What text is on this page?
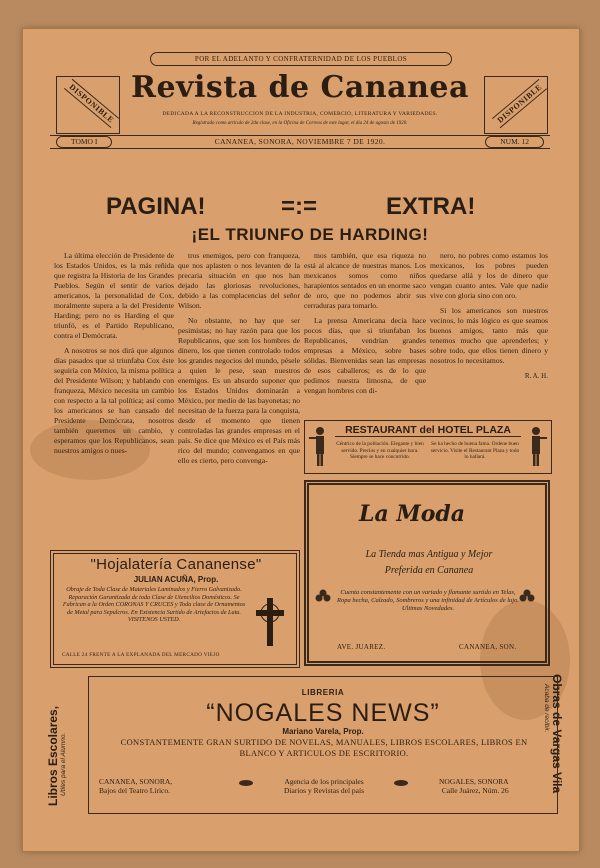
POR EL ADELANTO Y CONFRATERNIDAD DE LOS PUEBLOS
DISPONIBLE	DISPONIBLE
Revista de Cananea
DEDICADA A LA RECONSTRUCCION DE LA INDUSTRIA, COMERCIO, LITERATURA Y VARIEDADES.
Registrado como artículo de 2da clase, en la Oficina de Correos de este lugar, el día 24 de agosto de 1920.
TOMO I	CANANEA, SONORA, NOVIEMBRE 7 DE 1920.	NUM. 12
PAGINA!	=:=	EXTRA!
¡EL TRIUNFO DE HARDING!

La última elección de Presidente de los Estados Unidos, es la más reñida que registra la Historia de los Grandes Pueblos. Según el sentir de varios americanos, la personalidad de Cox, moralmente supera a la del Presidente Harding; pero no es Harding el que triunfó, es el Partido Republicano, contra el Demócrata.

A nosotros se nos dirá que algunos días pasados que si triunfaba Cox éste seguiría con México, la misma política del Presidente Wilson; y hablando con franqueza, México necesita un cambio con respecto a la tal política; así como los americanos se han cansado del Presidente Demócrata, nosotros también queremos un cambio, y esperamos que los Republicanos, sean nuestros amigos o nues-

tros enemigos, pero con franqueza, que nos aplasten o nos levanten de la precaria situación en que nos han dejado las gloriosas revoluciones, debido a las complacencias del señor Wilson.

No obstante, no hay que ser pesimistas; no hay razón para que los Republicanos, que son los hombres de dinero, los que tienen controlado todos los grandes negocios del mundo, pésele a quien le pese, sean nuestros enemigos. Es un absurdo suponer que los Estados Unidos dominarán a México, por medio de las bayonetas; no necesitan de la fuerza para la conquista, desde el momento que tienen controladas las grandes empresas en el país. Se dice que México es el País más rico del mundo; convengamos en que ello es cierto, pero convenga-

mos también, que esa riqueza no está al alcance de nuestras manos. Los mexicanos somos como niños harapientos sentados en un enorme saco de oro, que no podemos abrir sus cerraduras para tomarlo.

La prensa Americana decía hace pocos días, que si triunfaban los Republicanos, vendrían grandes empresas a México, sobre bases sólidas. Bienvenidas sean las empresas de esos caballeros; es de lo que pedimos nuestra limosna, de que vengan hombres con di-

nero, no pobres como estamos los mexicanos, los pobres pueden quedarse allá y los de dinero que vengan cuanto antes. Vale que nadie vive con gloria sino con oro.

Si los americanos son nuestros vecinos, lo más lógico es que seamos buenos amigos, tanto más que tenemos mucho que aprenderles; y sobre todo, que ellos tienen dinero y nosotros lo necesitamos.

R. A. H.
RESTAURANT del HOTEL PLAZA
Céntrico de la población. Elegante y bien servido. Precios y en cualquier hora. Siempre se hace concurrido.
Se ha hecho de buena fama. Ordene buen servicio. Visite el Restaurant Plaza y todo lo hallará.
La Moda
La Tienda mas Antigua y Mejor
Preferida en Cananea
Cuenta constantemente con un variado y flamante surtido en Telas, Ropa hecha, Calzado, Sombreros y una infinidad de Artículos de lujo. Ultimas Novedades.
AVE. JUAREZ.	CANANEA, SON.
"Hojalatería Cananense"
JULIAN ACUÑA, Prop.
Obraje de Toda Clase de Materiales Laminados y Fierro Galvanizado. Reparación Garantizada de toda Clase de Utencilios Domésticos. Se Fabrican a la Orden CORONAS Y CRUCES y Toda clase de Ornamentos de Metal para Sepulcros. En Existencia Surtido de Artefactos de Lata. VISITENOS USTED.
CALLE 24 FRENTE A LA EXPLANADA DEL MERCADO VIEJO
Libros Escolares, Utiles para el Alumno.	Obras de Vargas Vila
Acaba de recibir.
LIBRERIA
“NOGALES NEWS”
Mariano Varela, Prop.
CONSTANTEMENTE GRAN SURTIDO DE NOVELAS, MANUALES, LIBROS ESCOLARES, LIBROS EN BLANCO Y ARTICULOS DE ESCRITORIO.
CANANEA, SONORA,
Bajos del Teatro Lírico.
Agencia de los principales
Diarios y Revistas del país
NOGALES, SONORA
Calle Juárez, Núm. 26
